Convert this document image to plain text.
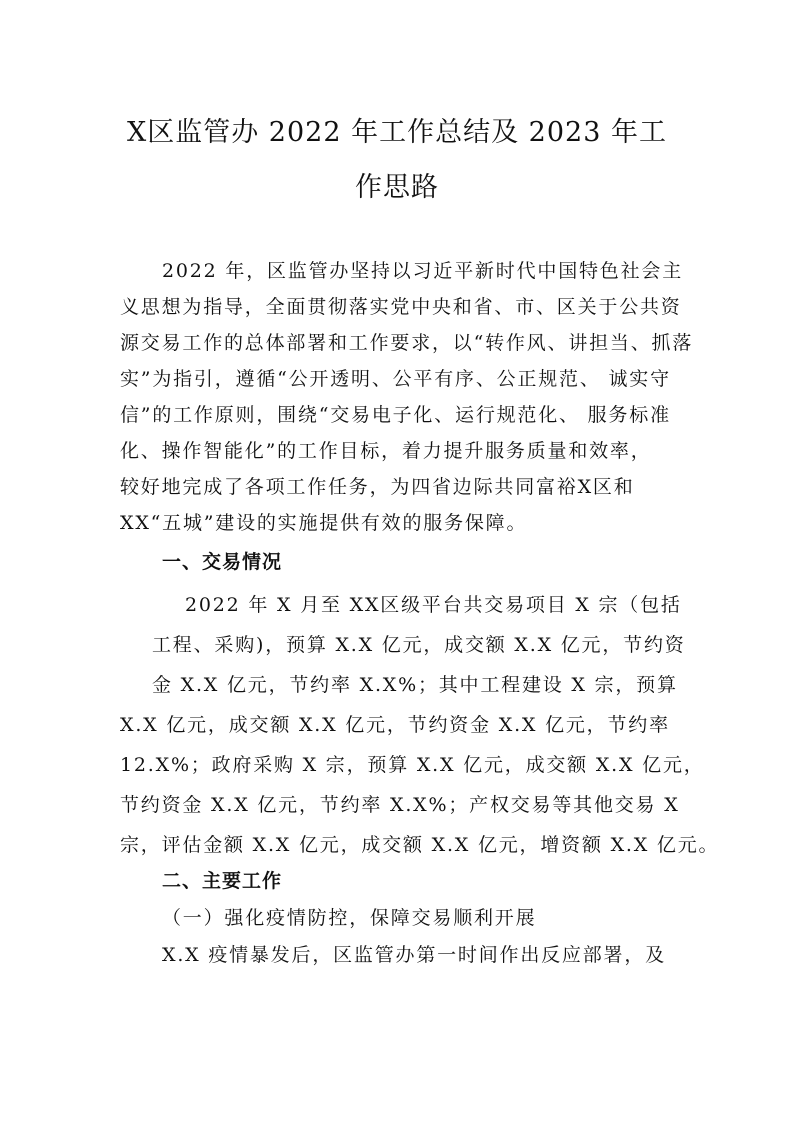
X区监管办 2022 年工作总结及 2023 年工
作思路
2022 年，区监管办坚持以习近平新时代中国特色社会主
义思想为指导，全面贯彻落实党中央和省、市、区关于公共资
源交易工作的总体部署和工作要求，以“转作风、讲担当、抓落
实”为指引，遵循“公开透明、公平有序、公正规范、 诚实守
信”的工作原则，围绕“交易电子化、运行规范化、 服务标准
化、操作智能化”的工作目标，着力提升服务质量和效率，
较好地完成了各项工作任务，为四省边际共同富裕X区和
XX“五城”建设的实施提供有效的服务保障。
一、交易情况
2022 年 X 月至 XX区级平台共交易项目 X 宗（包括
工程、采购)，预算 X.X 亿元，成交额 X.X 亿元，节约资
金 X.X 亿元，节约率 X.X%；其中工程建设 X 宗，预算
X.X 亿元，成交额 X.X 亿元，节约资金 X.X 亿元，节约率
12.X%；政府采购 X 宗，预算 X.X 亿元，成交额 X.X 亿元，
节约资金 X.X 亿元，节约率 X.X%；产权交易等其他交易 X
宗，评估金额 X.X 亿元，成交额 X.X 亿元，增资额 X.X 亿元。
二、主要工作
（一）强化疫情防控，保障交易顺利开展
X.X 疫情暴发后，区监管办第一时间作出反应部署，及
